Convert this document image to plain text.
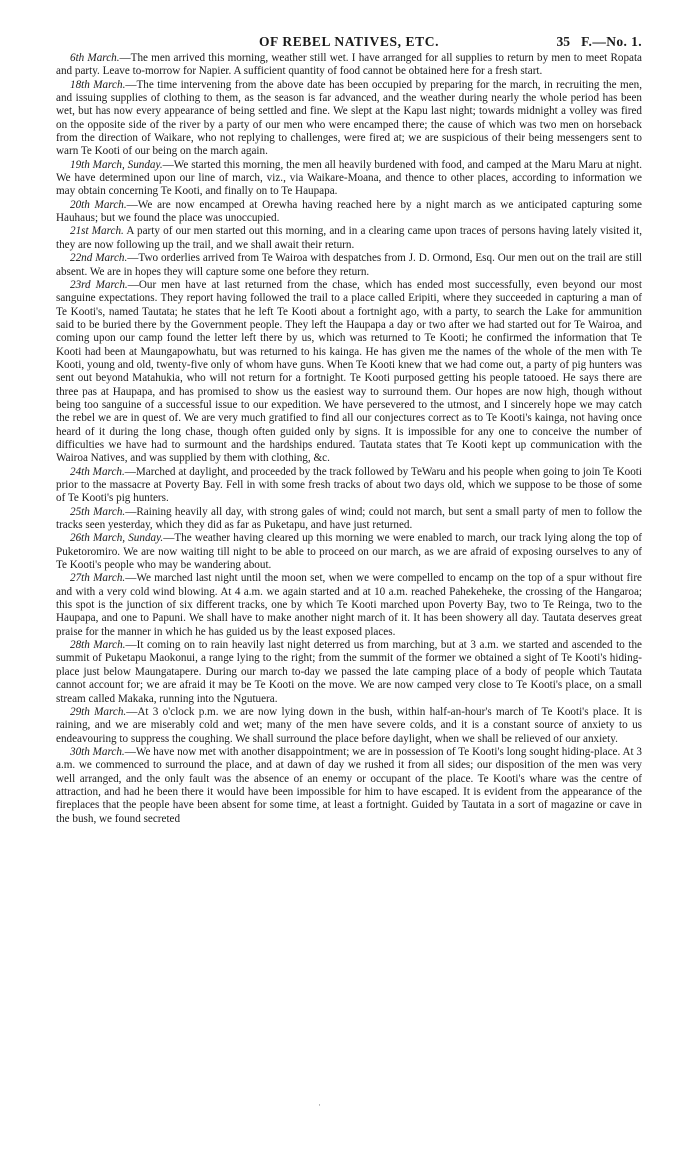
OF REBEL NATIVES, ETC.	35 F.—No. 1.

6th March.—The men arrived this morning, weather still wet. I have arranged for all supplies to return by men to meet Ropata and party. Leave to-morrow for Napier. A sufficient quantity of food cannot be obtained here for a fresh start.

18th March.—The time intervening from the above date has been occupied by preparing for the march, in recruiting the men, and issuing supplies of clothing to them, as the season is far advanced, and the weather during nearly the whole period has been wet, but has now every appearance of being settled and fine. We slept at the Kapu last night; towards midnight a volley was fired on the opposite side of the river by a party of our men who were encamped there; the cause of which was two men on horseback from the direction of Waikare, who not replying to challenges, were fired at; we are suspicious of their being messengers sent to warn Te Kooti of our being on the march again.

19th March, Sunday.—We started this morning, the men all heavily burdened with food, and camped at the Maru Maru at night. We have determined upon our line of march, viz., via Waikare-Moana, and thence to other places, according to information we may obtain concerning Te Kooti, and finally on to Te Haupapa.

20th March.—We are now encamped at Orewha having reached here by a night march as we anticipated capturing some Hauhaus; but we found the place was unoccupied.

21st March. A party of our men started out this morning, and in a clearing came upon traces of persons having lately visited it, they are now following up the trail, and we shall await their return.

22nd March.—Two orderlies arrived from Te Wairoa with despatches from J. D. Ormond, Esq. Our men out on the trail are still absent. We are in hopes they will capture some one before they return.

23rd March.—Our men have at last returned from the chase, which has ended most successfully, even beyond our most sanguine expectations. They report having followed the trail to a place called Eripiti, where they succeeded in capturing a man of Te Kooti's, named Tautata; he states that he left Te Kooti about a fortnight ago, with a party, to search the Lake for ammunition said to be buried there by the Government people. They left the Haupapa a day or two after we had started out for Te Wairoa, and coming upon our camp found the letter left there by us, which was returned to Te Kooti; he confirmed the information that Te Kooti had been at Maungapowhatu, but was returned to his kainga. He has given me the names of the whole of the men with Te Kooti, young and old, twenty-five only of whom have guns. When Te Kooti knew that we had come out, a party of pig hunters was sent out beyond Matahukia, who will not return for a fortnight. Te Kooti purposed getting his people tatooed. He says there are three pas at Haupapa, and has promised to show us the easiest way to surround them. Our hopes are now high, though without being too sanguine of a successful issue to our expedition. We have persevered to the utmost, and I sincerely hope we may catch the rebel we are in quest of. We are very much gratified to find all our conjectures correct as to Te Kooti's kainga, not having once heard of it during the long chase, though often guided only by signs. It is impossible for any one to conceive the number of difficulties we have had to surmount and the hardships endured. Tautata states that Te Kooti kept up communication with the Wairoa Natives, and was supplied by them with clothing, &c.

24th March.—Marched at daylight, and proceeded by the track followed by TeWaru and his people when going to join Te Kooti prior to the massacre at Poverty Bay. Fell in with some fresh tracks of about two days old, which we suppose to be those of some of Te Kooti's pig hunters.

25th March.—Raining heavily all day, with strong gales of wind; could not march, but sent a small party of men to follow the tracks seen yesterday, which they did as far as Puketapu, and have just returned.

26th March, Sunday.—The weather having cleared up this morning we were enabled to march, our track lying along the top of Puketoromiro. We are now waiting till night to be able to proceed on our march, as we are afraid of exposing ourselves to any of Te Kooti's people who may be wandering about.

27th March.—We marched last night until the moon set, when we were compelled to encamp on the top of a spur without fire and with a very cold wind blowing. At 4 a.m. we again started and at 10 a.m. reached Pahekeheke, the crossing of the Hangaroa; this spot is the junction of six different tracks, one by which Te Kooti marched upon Poverty Bay, two to Te Reinga, two to the Haupapa, and one to Papuni. We shall have to make another night march of it. It has been showery all day. Tautata deserves great praise for the manner in which he has guided us by the least exposed places.

28th March.—It coming on to rain heavily last night deterred us from marching, but at 3 a.m. we started and ascended to the summit of Puketapu Maokonui, a range lying to the right; from the summit of the former we obtained a sight of Te Kooti's hiding-place just below Maungatapere. During our march to-day we passed the late camping place of a body of people which Tautata cannot account for; we are afraid it may be Te Kooti on the move. We are now camped very close to Te Kooti's place, on a small stream called Makaka, running into the Ngutuera.

29th March.—At 3 o'clock p.m. we are now lying down in the bush, within half-an-hour's march of Te Kooti's place. It is raining, and we are miserably cold and wet; many of the men have severe colds, and it is a constant source of anxiety to us endeavouring to suppress the coughing. We shall surround the place before daylight, when we shall be relieved of our anxiety.

30th March.—We have now met with another disappointment; we are in possession of Te Kooti's long sought hiding-place. At 3 a.m. we commenced to surround the place, and at dawn of day we rushed it from all sides; our disposition of the men was very well arranged, and the only fault was the absence of an enemy or occupant of the place. Te Kooti's whare was the centre of attraction, and had he been there it would have been impossible for him to have escaped. It is evident from the appearance of the fireplaces that the people have been absent for some time, at least a fortnight. Guided by Tautata in a sort of magazine or cave in the bush, we found secreted

·
